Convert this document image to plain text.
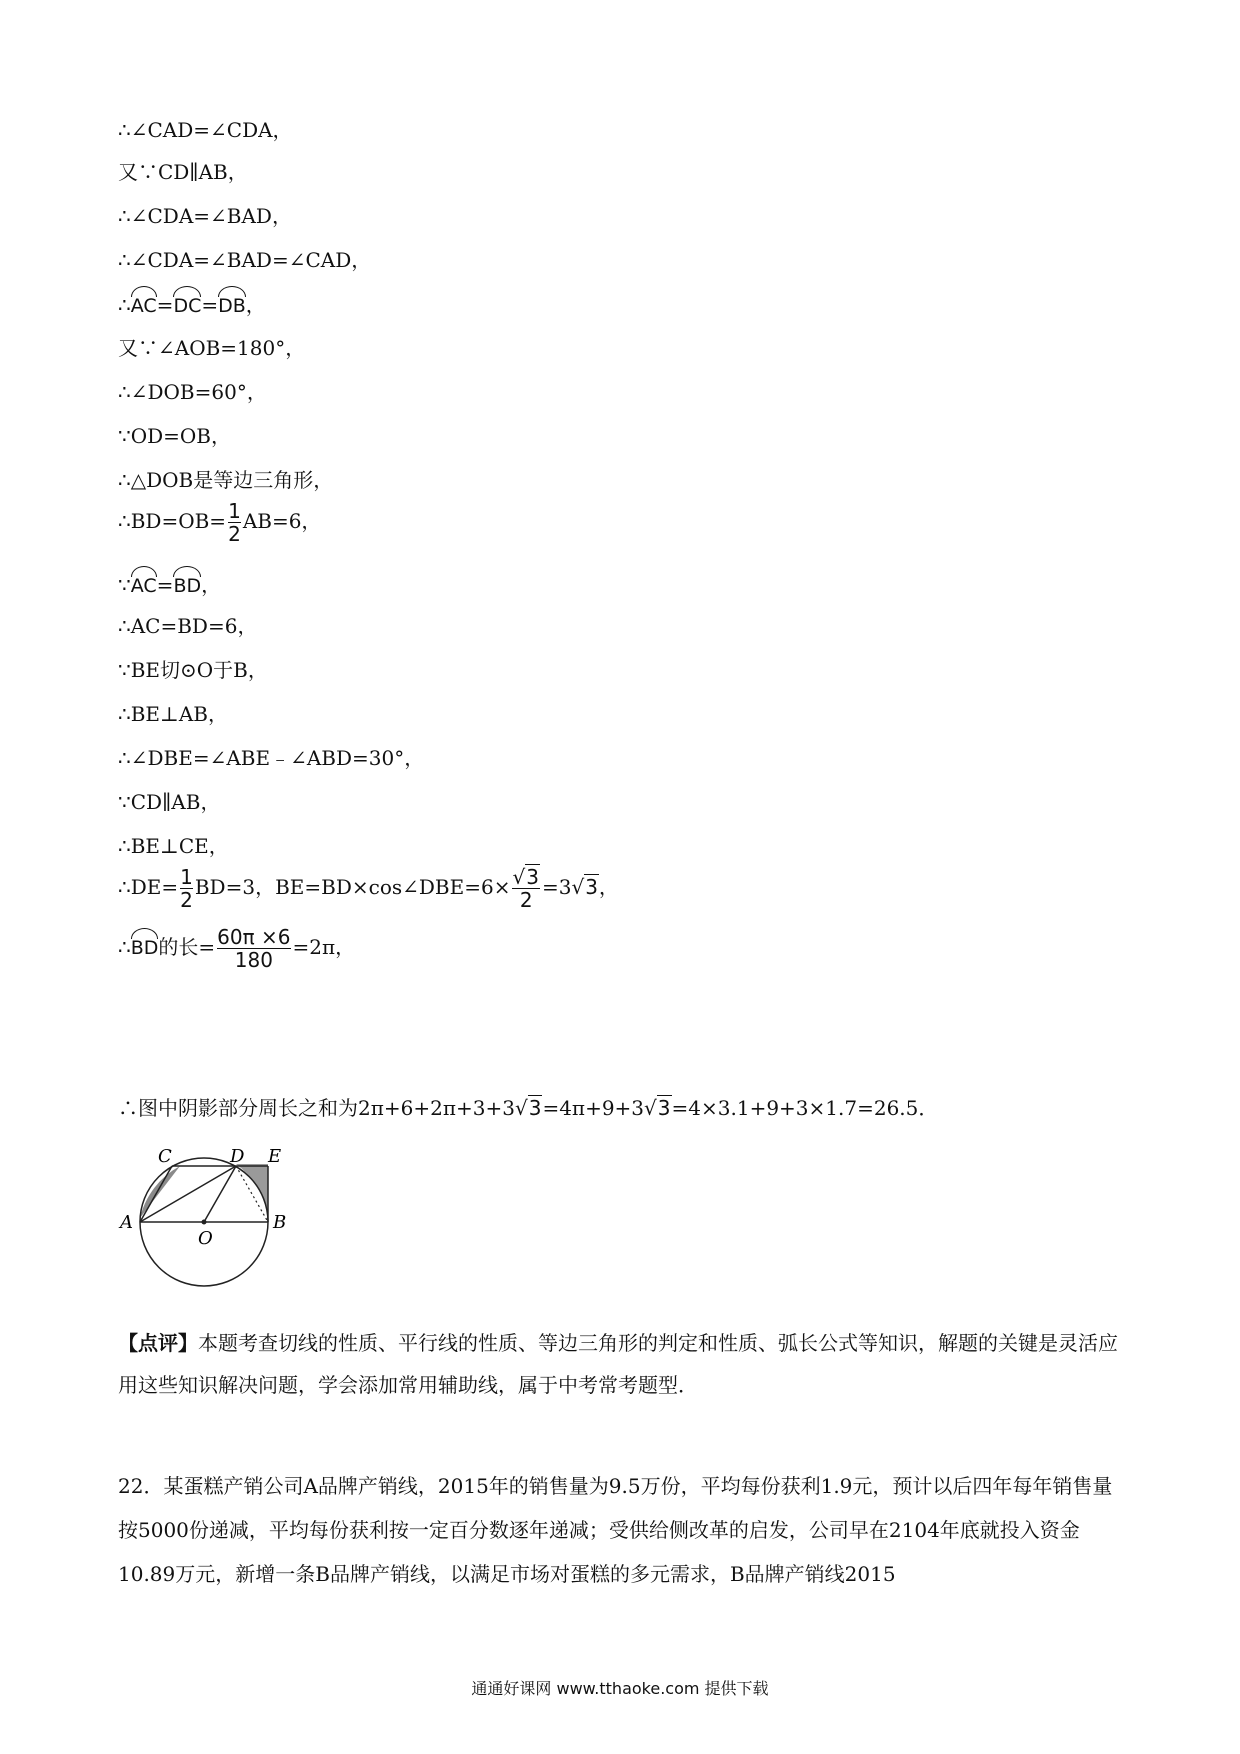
∴∠CAD=∠CDA，
又∵CD∥AB，
∴∠CDA=∠BAD，
∴∠CDA=∠BAD=∠CAD，
∴AC=DC=DB，
又∵∠AOB=180°，
∴∠DOB=60°，
∵OD=OB，
∴△DOB是等边三角形，
∴BD=OB= $\frac{1}{2} AB=6$，
∵AC=BD，
∴AC=BD=6，
∵BE切⊙O于B，
∴BE⊥AB，
∴∠DBE=∠ABE﹣∠ABD=30°，
∵CD∥AB，
∴BE⊥CE，
∴DE= $\frac{1}{2} BD=3$，BE=BD×cos∠DBE=6× $\frac{√3}{2} =3√3$，
∴BD的长= $\frac{60\pi \times 6}{180} =2\pi$，
∴图中阴影部分周长之和为2π+6+2π+3+3√3=4π+9+3√3=4×3.1+9+3×1.7=26.5．
A	B
C	D E
O
【点评】本题考查切线的性质、平行线的性质、等边三角形的判定和性质、弧长公式等知识，解题的关键是灵活应用这些知识解决问题，学会添加常用辅助线，属于中考常考题型．
22．某蛋糕产销公司A品牌产销线，2015年的销售量为9.5万份，平均每份获利1.9元，预计以后四年每年销售量按5000份递减，平均每份获利按一定百分数逐年递减；受供给侧改革的启发，公司早在2104年底就投入资金10.89万元，新增一条B品牌产销线，以满足市场对蛋糕的多元需求，B品牌产销线2015
通通好课网 www.tthaoke.com 提供下载
